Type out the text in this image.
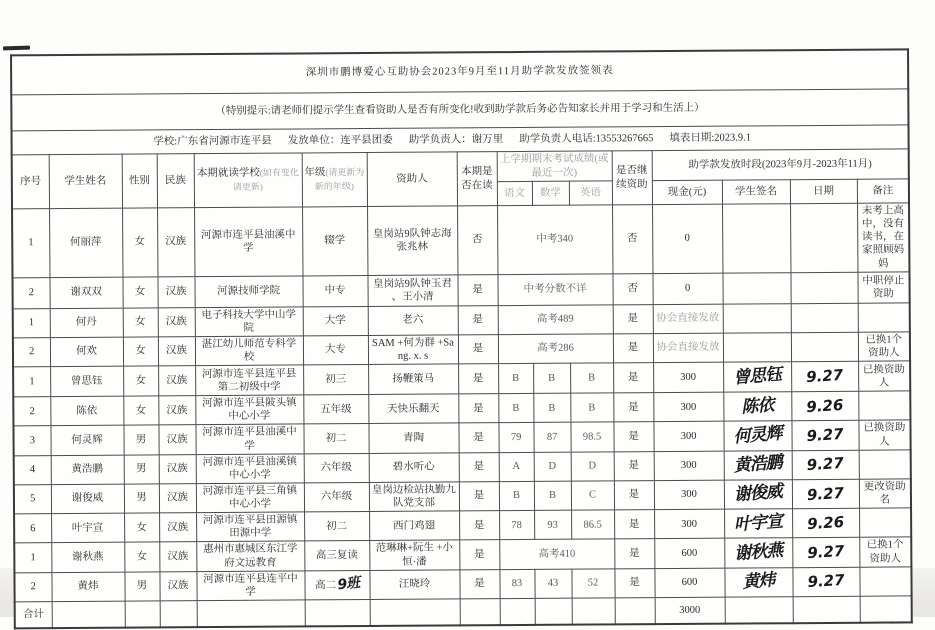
深圳市鹏博爱心互助协会2023年9月至11月助学款发放签领表															
（特别提示:请老师们提示学生查看资助人是否有所变化!收到助学款后务必告知家长并用于学习和生活上）															
学校:广东省河源市连平县 发放单位：连平县团委 助学负责人：谢万里 助学负责人电话:13553267665 填表日期:2023.9.1															
序号	学生姓名	性别	民族	本期就读学校(如有变化请更新)	年级(请更新为新的年级)	资助人	本期是否在读	上学期期末考试成绩(或最近一次)			是否继续资助	助学款发放时段(2023年9月-2023年11月)			
								语文	数学	英语		现金(元)	学生签名	日期	备注
1	何丽萍	女	汉族	河源市连平县油溪中学	辍学	皇岗站9队钟志海 张兆林	否	中考340			否	0			未考上高中，没有读书，在家照顾妈妈
2	谢双双	女	汉族	河源技师学院	中专	皇岗站9队钟玉君 、王小清	是	中考分数不详			否	0			中职停止资助
1	何丹	女	汉族	电子科技大学中山学院	大学	老六	是	高考489			是	协会直接发放			
2	何欢	女	汉族	湛江幼儿师范专科学校	大专	SAM +何为群 +Sang. x. s	是	高考286			是	协会直接发放			已换1个资助人
1	曾思钰	女	汉族	河源市连平县连平县第二初级中学	初三	扬鞭策马	是	B	B	B	是	300	曾思钰	9.27	已换资助人
2	陈依	女	汉族	河源市连平县陂头镇中心小学	五年级	天快乐翻天	是	B	B	B	是	300	陈依	9.26	
3	何灵辉	男	汉族	河源市连平县油溪中学	初二	青陶	是	79	87	98.5	是	300	何灵辉	9.27	已换资助人
4	黄浩鹏	男	汉族	河源市连平县油溪镇中心小学	六年级	碧水听心	是	A	D	D	是	300	黄浩鹏	9.27	
5	谢俊威	男	汉族	河源市连平县三角镇中心小学	六年级	皇岗边检站执勤九队党支部	是	B	B	C	是	300	谢俊威	9.27	更改资助名
6	叶宇宣	女	汉族	河源市连平县田源镇田源中学	初二	西门鸡翅	是	78	93	86.5	是	300	叶宇宣	9.26	
1	谢秋燕	女	汉族	惠州市惠城区东江学府文远教育	高三复读	范琳琳+阮生 +小恒·潘	是	高考410			是	600	谢秋燕	9.27	已换1个资助人
2	黄炜	男	汉族	河源市连平县连平中学	高二9班	汪晓玲	是	83	43	52	是	600	黄炜	9.27	
合计												3000			
